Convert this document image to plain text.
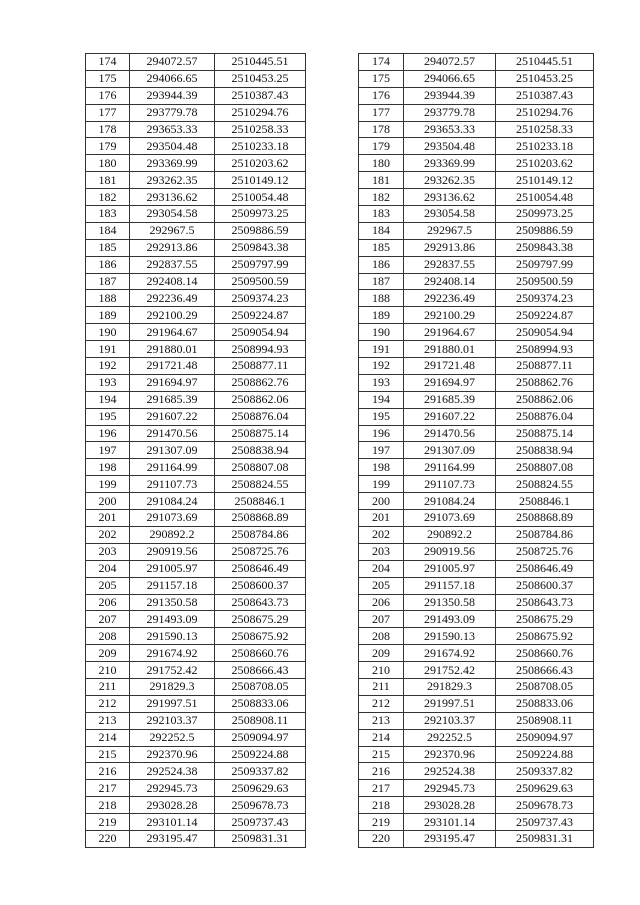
174	294072.57	2510445.51		174	294072.57	2510445.51
175	294066.65	2510453.25		175	294066.65	2510453.25
176	293944.39	2510387.43		176	293944.39	2510387.43
177	293779.78	2510294.76		177	293779.78	2510294.76
178	293653.33	2510258.33		178	293653.33	2510258.33
179	293504.48	2510233.18		179	293504.48	2510233.18
180	293369.99	2510203.62		180	293369.99	2510203.62
181	293262.35	2510149.12		181	293262.35	2510149.12
182	293136.62	2510054.48		182	293136.62	2510054.48
183	293054.58	2509973.25		183	293054.58	2509973.25
184	292967.5	2509886.59		184	292967.5	2509886.59
185	292913.86	2509843.38		185	292913.86	2509843.38
186	292837.55	2509797.99		186	292837.55	2509797.99
187	292408.14	2509500.59		187	292408.14	2509500.59
188	292236.49	2509374.23		188	292236.49	2509374.23
189	292100.29	2509224.87		189	292100.29	2509224.87
190	291964.67	2509054.94		190	291964.67	2509054.94
191	291880.01	2508994.93		191	291880.01	2508994.93
192	291721.48	2508877.11		192	291721.48	2508877.11
193	291694.97	2508862.76		193	291694.97	2508862.76
194	291685.39	2508862.06		194	291685.39	2508862.06
195	291607.22	2508876.04		195	291607.22	2508876.04
196	291470.56	2508875.14		196	291470.56	2508875.14
197	291307.09	2508838.94		197	291307.09	2508838.94
198	291164.99	2508807.08		198	291164.99	2508807.08
199	291107.73	2508824.55		199	291107.73	2508824.55
200	291084.24	2508846.1		200	291084.24	2508846.1
201	291073.69	2508868.89		201	291073.69	2508868.89
202	290892.2	2508784.86		202	290892.2	2508784.86
203	290919.56	2508725.76		203	290919.56	2508725.76
204	291005.97	2508646.49		204	291005.97	2508646.49
205	291157.18	2508600.37		205	291157.18	2508600.37
206	291350.58	2508643.73		206	291350.58	2508643.73
207	291493.09	2508675.29		207	291493.09	2508675.29
208	291590.13	2508675.92		208	291590.13	2508675.92
209	291674.92	2508660.76		209	291674.92	2508660.76
210	291752.42	2508666.43		210	291752.42	2508666.43
211	291829.3	2508708.05		211	291829.3	2508708.05
212	291997.51	2508833.06		212	291997.51	2508833.06
213	292103.37	2508908.11		213	292103.37	2508908.11
214	292252.5	2509094.97		214	292252.5	2509094.97
215	292370.96	2509224.88		215	292370.96	2509224.88
216	292524.38	2509337.82		216	292524.38	2509337.82
217	292945.73	2509629.63		217	292945.73	2509629.63
218	293028.28	2509678.73		218	293028.28	2509678.73
219	293101.14	2509737.43		219	293101.14	2509737.43
220	293195.47	2509831.31		220	293195.47	2509831.31
